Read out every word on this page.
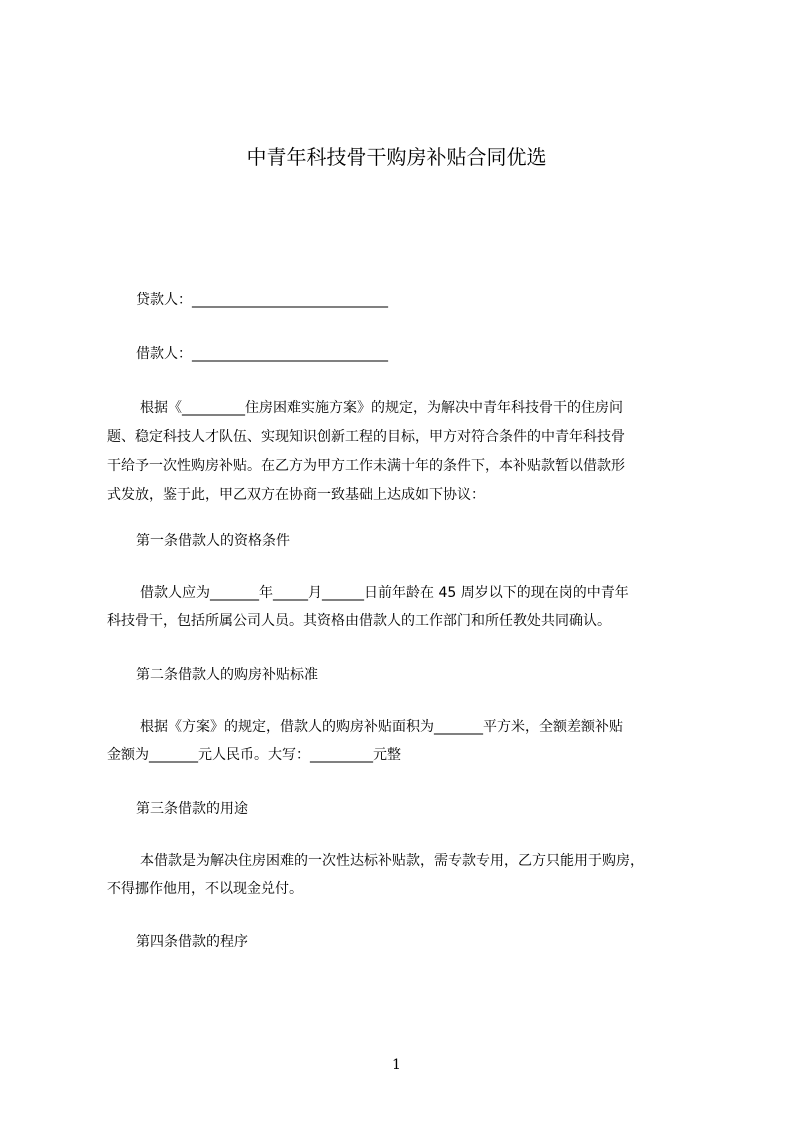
中青年科技骨干购房补贴合同优选
贷款人：____________________________
借款人：____________________________
根据《_________住房困难实施方案》的规定，为解决中青年科技骨干的住房问
题、稳定科技人才队伍、实现知识创新工程的目标，甲方对符合条件的中青年科技骨
干给予一次性购房补贴。在乙方为甲方工作未满十年的条件下，本补贴款暂以借款形
式发放，鉴于此，甲乙双方在协商一致基础上达成如下协议：
第一条借款人的资格条件
借款人应为_______年_____月______日前年龄在 45 周岁以下的现在岗的中青年
科技骨干，包括所属公司人员。其资格由借款人的工作部门和所任教处共同确认。
第二条借款人的购房补贴标准
根据《方案》的规定，借款人的购房补贴面积为_______平方米，全额差额补贴
金额为_______元人民币。大写：_________元整
第三条借款的用途
本借款是为解决住房困难的一次性达标补贴款，需专款专用，乙方只能用于购房，
不得挪作他用，不以现金兑付。
第四条借款的程序
1
